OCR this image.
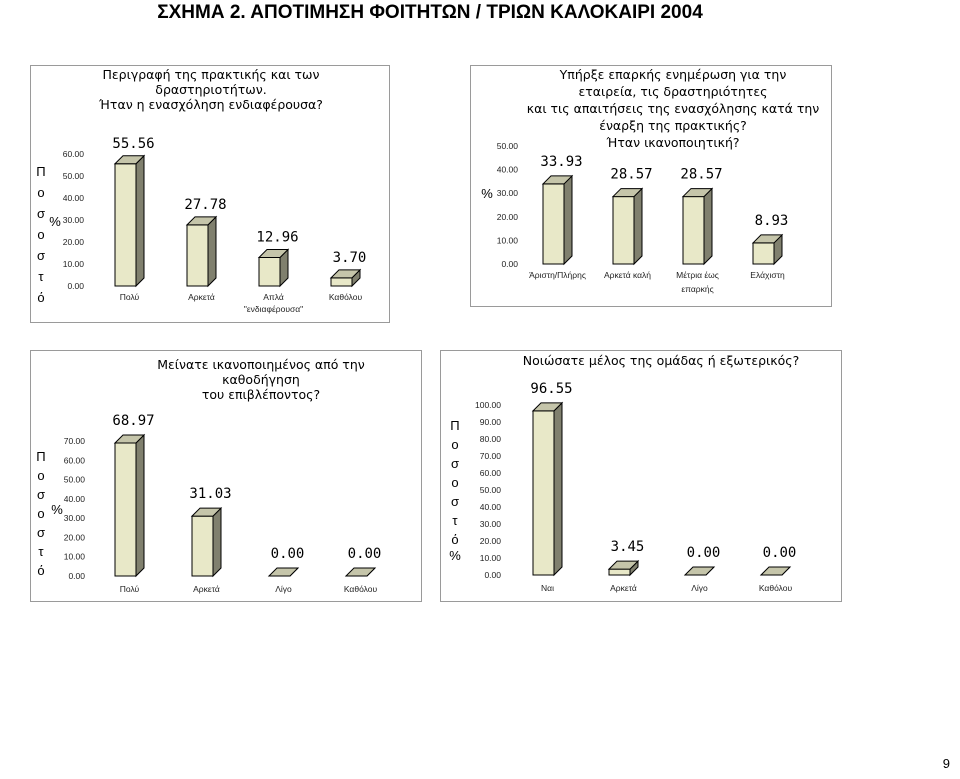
ΣΧΗΜΑ 2. ΑΠΟΤΙΜΗΣΗ ΦΟΙΤΗΤΩΝ / ΤΡΙΩΝ ΚΑΛΟΚΑΙΡΙ 2004
Περιγραφή της πρακτικής και των
δραστηριοτήτων.
Ήταν η ενασχόληση ενδιαφέρουσα?
0.00
10.00
20.00
30.00
40.00
50.00
60.00
Π
ο
σ
ο
σ
τ
ό
%
55.56
Πολύ
27.78
Αρκετά
12.96
Απλά
"ενδιαφέρουσα"
3.70
Καθόλου
Υπήρξε επαρκής ενημέρωση για την
εταιρεία, τις δραστηριότητες
και τις απαιτήσεις της ενασχόλησης κατά την
έναρξη της πρακτικής?
Ήταν ικανοποιητική?
0.00
10.00
20.00
30.00
40.00
50.00
%
33.93
Άριστη/Πλήρης
28.57
Αρκετά καλή
28.57
Μέτρια έως
επαρκής
8.93
Ελάχιστη
Μείνατε ικανοποιημένος από την
καθοδήγηση
του επιβλέποντος?
0.00
10.00
20.00
30.00
40.00
50.00
60.00
70.00
Π
ο
σ
ο
σ
τ
ό
%
68.97
Πολύ
31.03
Αρκετά
0.00
Λίγο
0.00
Καθόλου
Νοιώσατε μέλος της ομάδας ή εξωτερικός?
0.00
10.00
20.00
30.00
40.00
50.00
60.00
70.00
80.00
90.00
100.00
Π
ο
σ
ο
σ
τ
ό
%
96.55
Ναι
3.45
Αρκετά
0.00
Λίγο
0.00
Καθόλου
9
